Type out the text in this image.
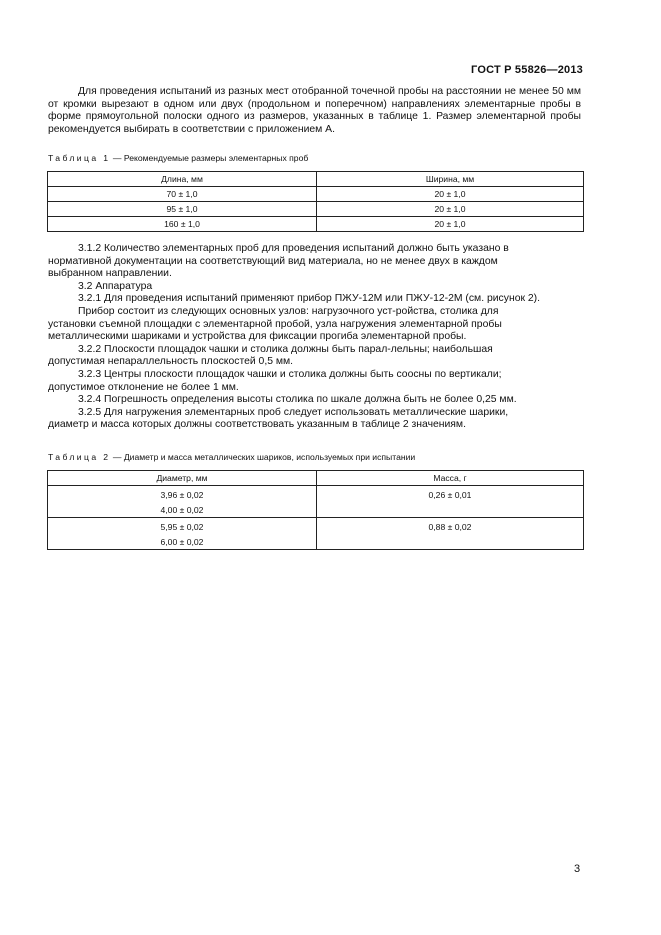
ГОСТ Р 55826—2013
Для проведения испытаний из разных мест отобранной точечной пробы на расстоянии не менее 50 мм от кромки вырезают в одном или двух (продольном и поперечном) направлениях элементарные пробы в форме прямоугольной полоски одного из размеров, указанных в таблице 1. Размер элементарной пробы рекомендуется выбирать в соответствии с приложением А.
Таблица 1 — Рекомендуемые размеры элементарных проб
Длина, мм	Ширина, мм
70 ± 1,0	20 ± 1,0
95 ± 1,0	20 ± 1,0
160 ± 1,0	20 ± 1,0
3.1.2 Количество элементарных проб для проведения испытаний должно быть указано в
нормативной документации на соответствующий вид материала, но не менее двух в каждом
выбранном направлении.
3.2 Аппаратура
3.2.1 Для проведения испытаний применяют прибор ПЖУ-12М или ПЖУ-12-2М (см. рисунок 2).
Прибор состоит из следующих основных узлов: нагрузочного уст-ройства, столика для
установки съемной площадки с элементарной пробой, узла нагружения элементарной пробы
металлическими шариками и устройства для фиксации прогиба элементарной пробы.
3.2.2 Плоскости площадок чашки и столика должны быть парал-лельны; наибольшая
допустимая непараллельность плоскостей 0,5 мм.
3.2.3 Центры плоскости площадок чашки и столика должны быть соосны по вертикали;
допустимое отклонение не более 1 мм.
3.2.4 Погрешность определения высоты столика по шкале должна быть не более 0,25 мм.
3.2.5 Для нагружения элементарных проб следует использовать металлические шарики,
диаметр и масса которых должны соответствовать указанным в таблице 2 значениям.
Таблица 2 — Диаметр и масса металлических шариков, используемых при испытании
Диаметр, мм	Масса, г

3,96 ± 0,02
4,00 ± 0,02	0,26 ± 0,01

5,95 ± 0,02
6,00 ± 0,02	0,88 ± 0,02
3
